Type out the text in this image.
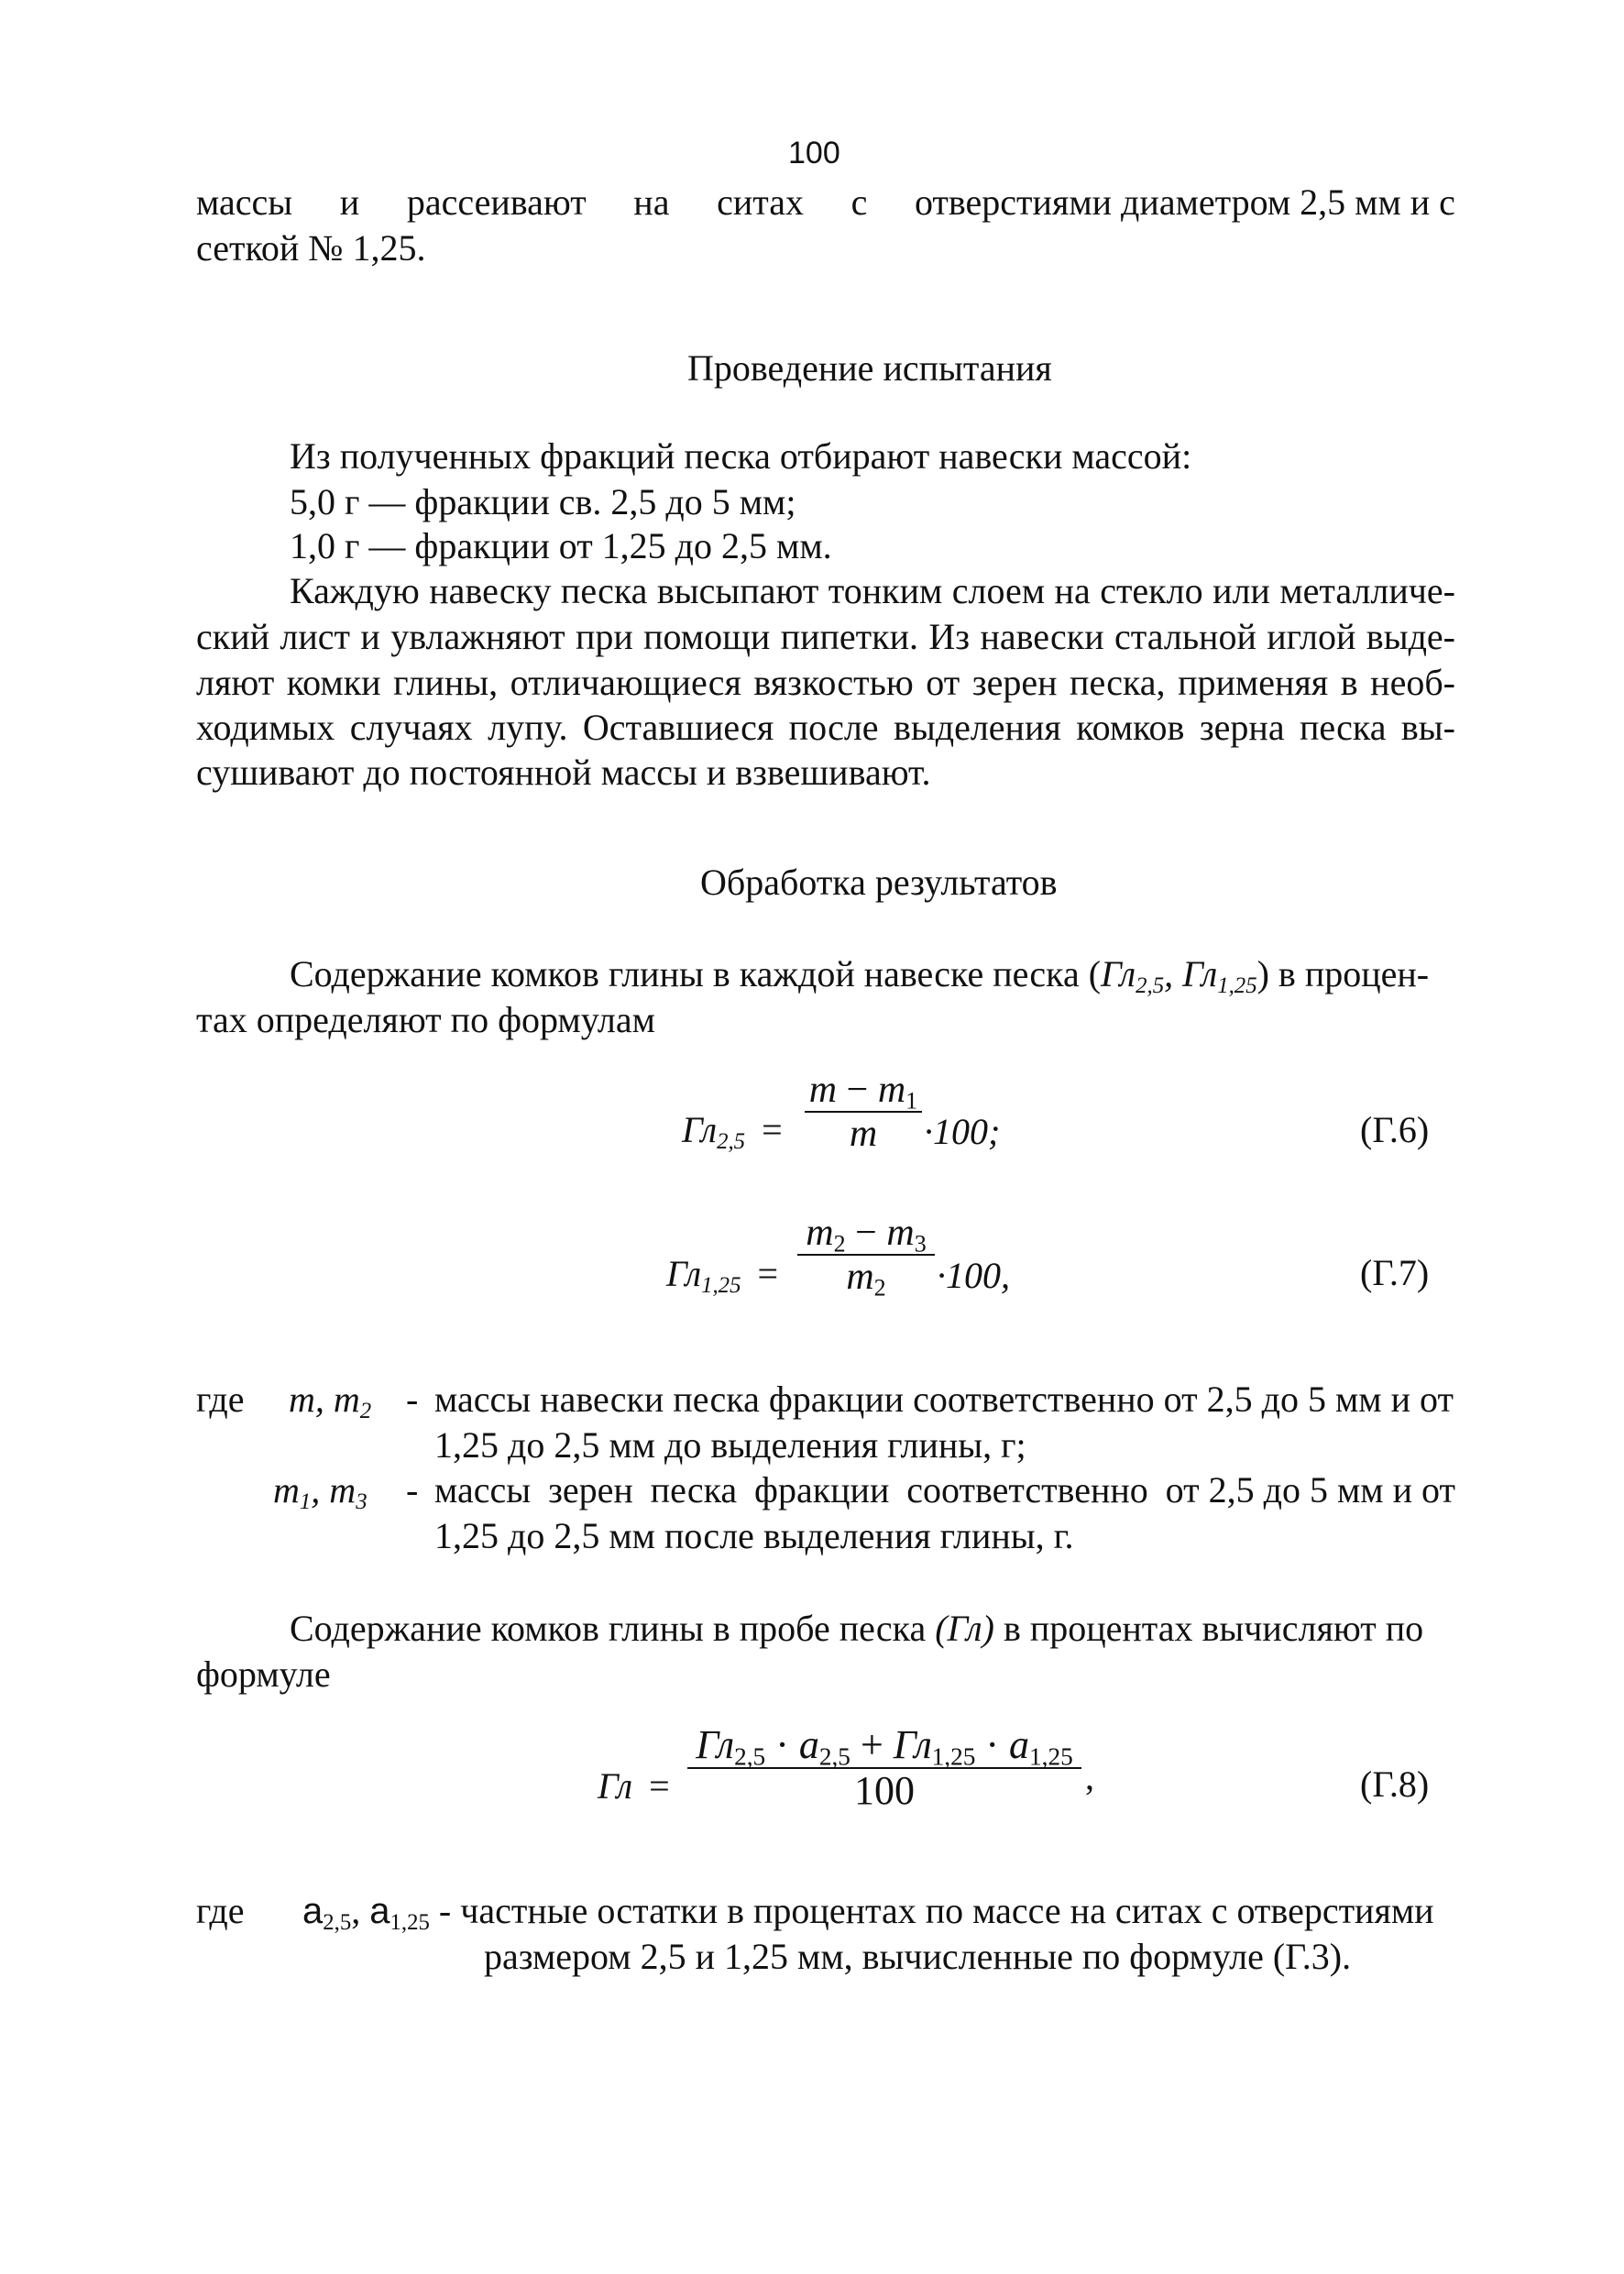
100
массы и рассеивают на ситах с отверстиями диаметром 2,5 мм и с
сеткой № 1,25.
Проведение испытания
Из полученных фракций песка отбирают навески массой:
5,0 г — фракции св. 2,5 до 5 мм;
1,0 г — фракции от 1,25 до 2,5 мм.
Каждую навеску песка высыпают тонким слоем на стекло или металличе-
ский лист и увлажняют при помощи пипетки. Из навески стальной иглой выде-
ляют комки глины, отличающиеся вязкостью от зерен песка, применяя в необ-
ходимых случаях лупу. Оставшиеся после выделения комков зерна песка вы-
сушивают до постоянной массы и взвешивают.
Обработка результатов
Содержание комков глины в каждой навеске песка ($Гл_{2,5}$, $Гл_{1,25}$) в процен-
тах определяют по формулам
$Гл_{2,5}$ =
$m - m_1$
m	·100;	(Г.6)
$Гл_{1,25}$ =
$m_2 - m_3$
$m_2$	·100,	(Г.7)
где m, $m_2$ - массы навески песка фракции соответственно от 2,5 до 5 мм и от
1,25 до 2,5 мм до выделения глины, г;
$m_1$, $m_3$ - массы зерен песка фракции соответственно от 2,5 до 5 мм и от
1,25 до 2,5 мм после выделения глины, г.
Содержание комков глины в пробе песка (Гл) в процентах вычисляют по
формуле
Гл =
$Гл_{2,5} \cdot a_{2,5} + Гл_{1,25} \cdot a_{1,25}$
100	,	(Г.8)
где $a_{2,5}$, $a_{1,25}$ - частные остатки в процентах по массе на ситах с отверстиями
размером 2,5 и 1,25 мм, вычисленные по формуле (Г.3).
